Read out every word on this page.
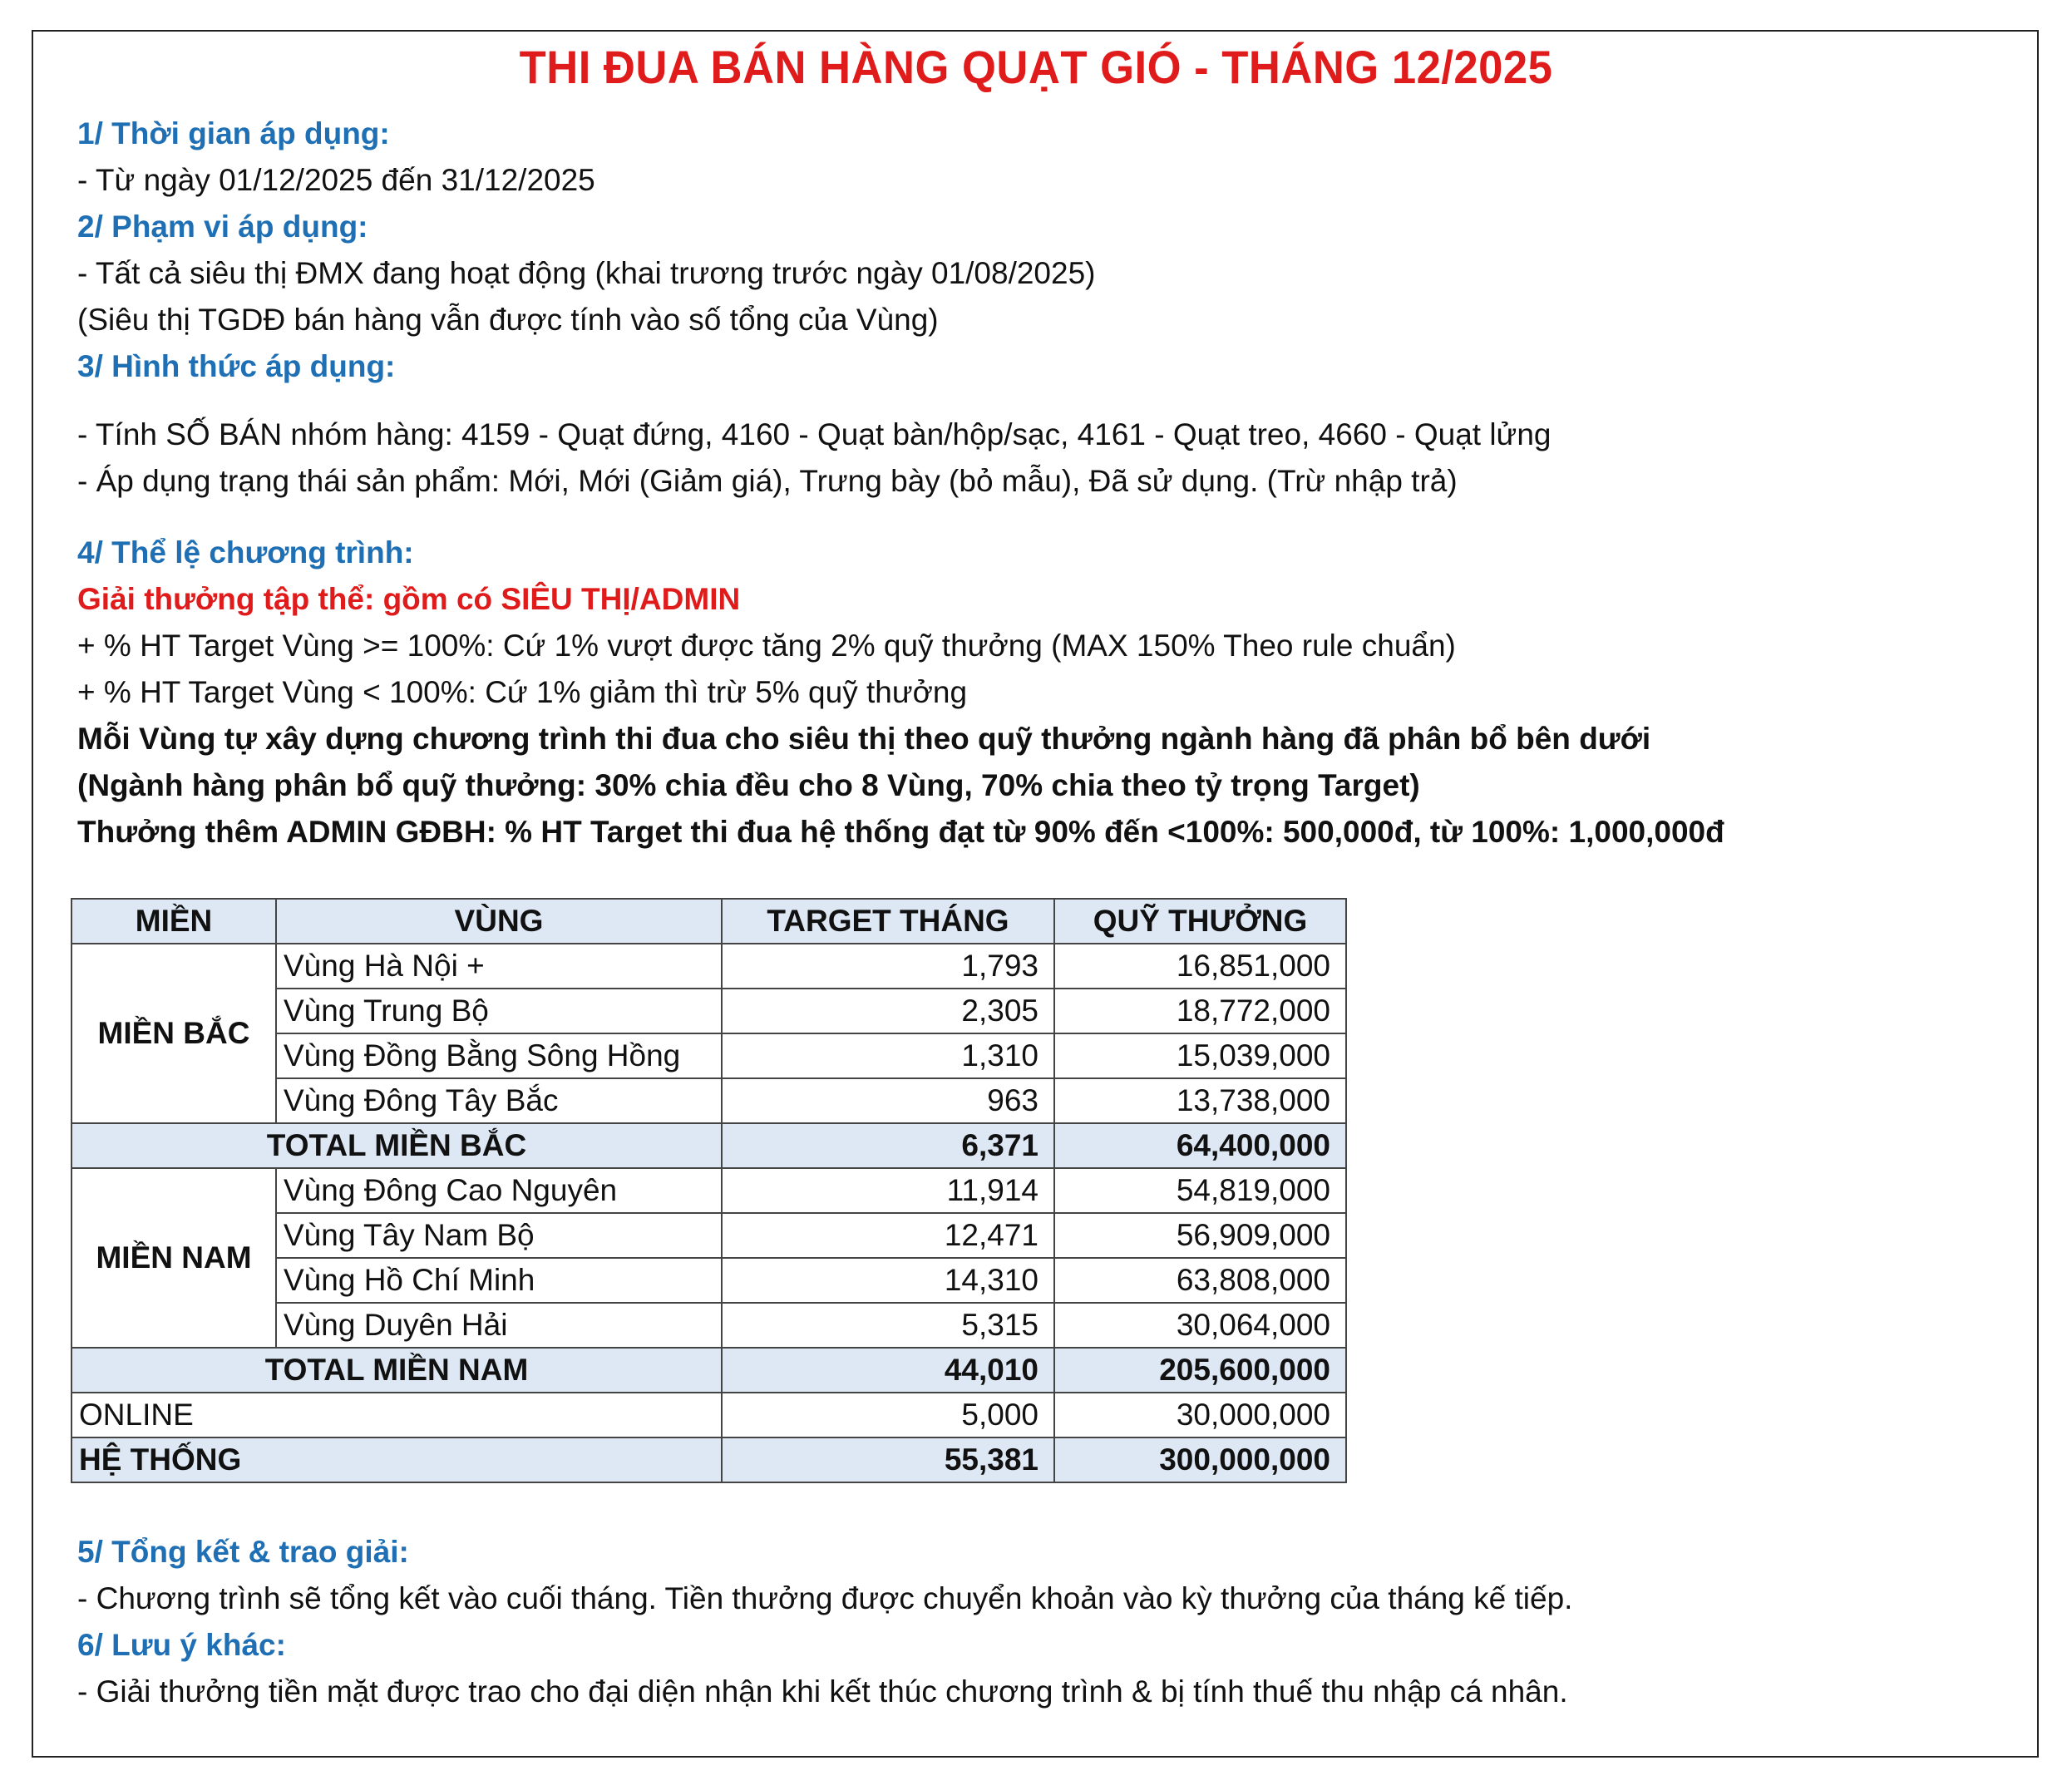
THI ĐUA BÁN HÀNG QUẠT GIÓ - THÁNG 12/2025
1/ Thời gian áp dụng:
- Từ ngày 01/12/2025 đến 31/12/2025
2/ Phạm vi áp dụng:
- Tất cả siêu thị ĐMX đang hoạt động (khai trương trước ngày 01/08/2025)
(Siêu thị TGDĐ bán hàng vẫn được tính vào số tổng của Vùng)
3/ Hình thức áp dụng:
- Tính SỐ BÁN nhóm hàng: 4159 - Quạt đứng, 4160 - Quạt bàn/hộp/sạc, 4161 - Quạt treo, 4660 - Quạt lửng
- Áp dụng trạng thái sản phẩm: Mới, Mới (Giảm giá), Trưng bày (bỏ mẫu), Đã sử dụng. (Trừ nhập trả)
4/ Thể lệ chương trình:
Giải thưởng tập thể: gồm có SIÊU THỊ/ADMIN
+ % HT Target Vùng >= 100%: Cứ 1% vượt được tăng 2% quỹ thưởng (MAX 150% Theo rule chuẩn)
+ % HT Target Vùng < 100%: Cứ 1% giảm thì trừ 5% quỹ thưởng
Mỗi Vùng tự xây dựng chương trình thi đua cho siêu thị theo quỹ thưởng ngành hàng đã phân bổ bên dưới
(Ngành hàng phân bổ quỹ thưởng: 30% chia đều cho 8 Vùng, 70% chia theo tỷ trọng Target)
Thưởng thêm ADMIN GĐBH: % HT Target thi đua hệ thống đạt từ 90% đến <100%: 500,000đ, từ 100%: 1,000,000đ
MIỀN	VÙNG	TARGET THÁNG	QUỸ THƯỞNG
MIỀN BẮC	Vùng Hà Nội +	1,793	16,851,000
	Vùng Trung Bộ	2,305	18,772,000
	Vùng Đồng Bằng Sông Hồng	1,310	15,039,000
	Vùng Đông Tây Bắc	963	13,738,000
TOTAL MIỀN BẮC		6,371	64,400,000
MIỀN NAM	Vùng Đông Cao Nguyên	11,914	54,819,000
	Vùng Tây Nam Bộ	12,471	56,909,000
	Vùng Hồ Chí Minh	14,310	63,808,000
	Vùng Duyên Hải	5,315	30,064,000
TOTAL MIỀN NAM		44,010	205,600,000
ONLINE		5,000	30,000,000
HỆ THỐNG		55,381	300,000,000
5/ Tổng kết & trao giải:
- Chương trình sẽ tổng kết vào cuối tháng. Tiền thưởng được chuyển khoản vào kỳ thưởng của tháng kế tiếp.
6/ Lưu ý khác:
- Giải thưởng tiền mặt được trao cho đại diện nhận khi kết thúc chương trình & bị tính thuế thu nhập cá nhân.
